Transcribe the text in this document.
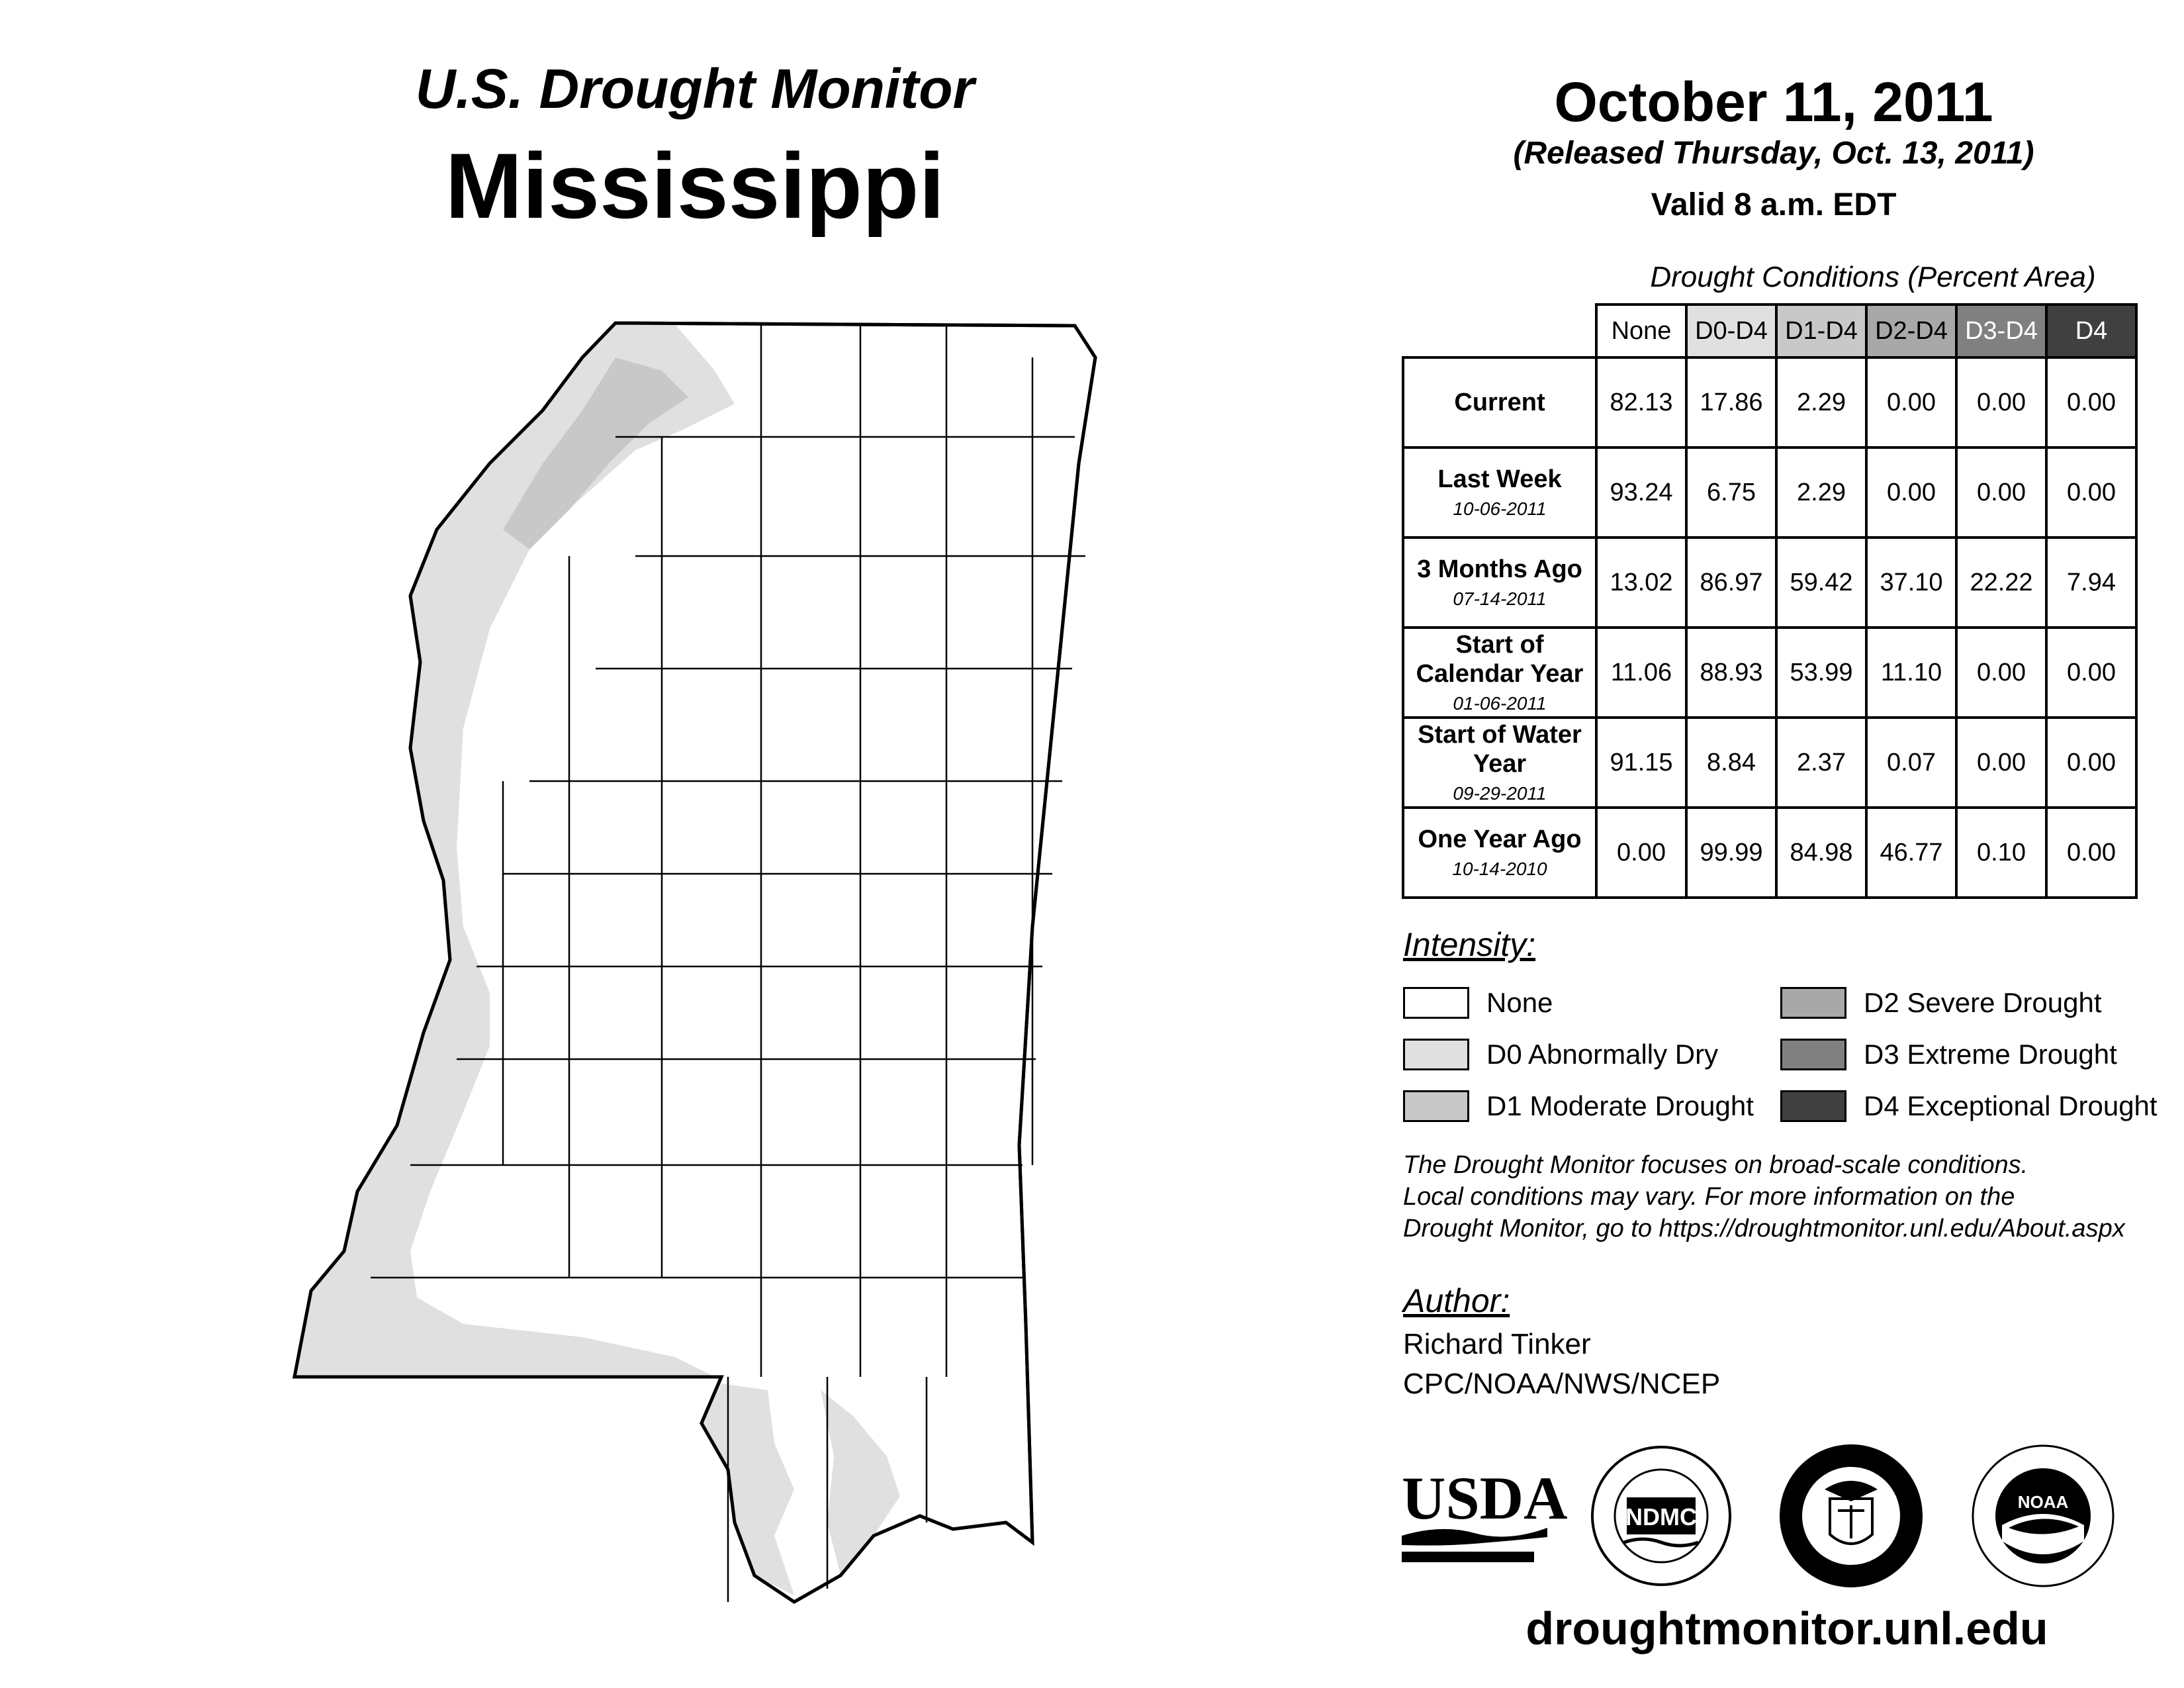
U.S. Drought Monitor
Mississippi
October 11, 2011
(Released Thursday, Oct. 13, 2011)
Valid 8 a.m. EDT
Drought Conditions (Percent Area)
	None	D0-D4	D1-D4	D2-D4	D3-D4	D4

Current	82.13	17.86	2.29	0.00	0.00	0.00

Last Week
10-06-2011	93.24	6.75	2.29	0.00	0.00	0.00

3 Months Ago
07-14-2011	13.02	86.97	59.42	37.10	22.22	7.94

Start of Calendar Year
01-06-2011	11.06	88.93	53.99	11.10	0.00	0.00

Start of Water Year
09-29-2011	91.15	8.84	2.37	0.07	0.00	0.00

One Year Ago
10-14-2010	0.00	99.99	84.98	46.77	0.10	0.00
Intensity:
None
D0 Abnormally Dry
D1 Moderate Drought
D2 Severe Drought
D3 Extreme Drought
D4 Exceptional Drought
The Drought Monitor focuses on broad-scale conditions.
Local conditions may vary. For more information on the
Drought Monitor, go to https://droughtmonitor.unl.edu/About.aspx
Author:
Richard Tinker
CPC/NOAA/NWS/NCEP
USDA NDMC
NOAA
droughtmonitor.unl.edu
